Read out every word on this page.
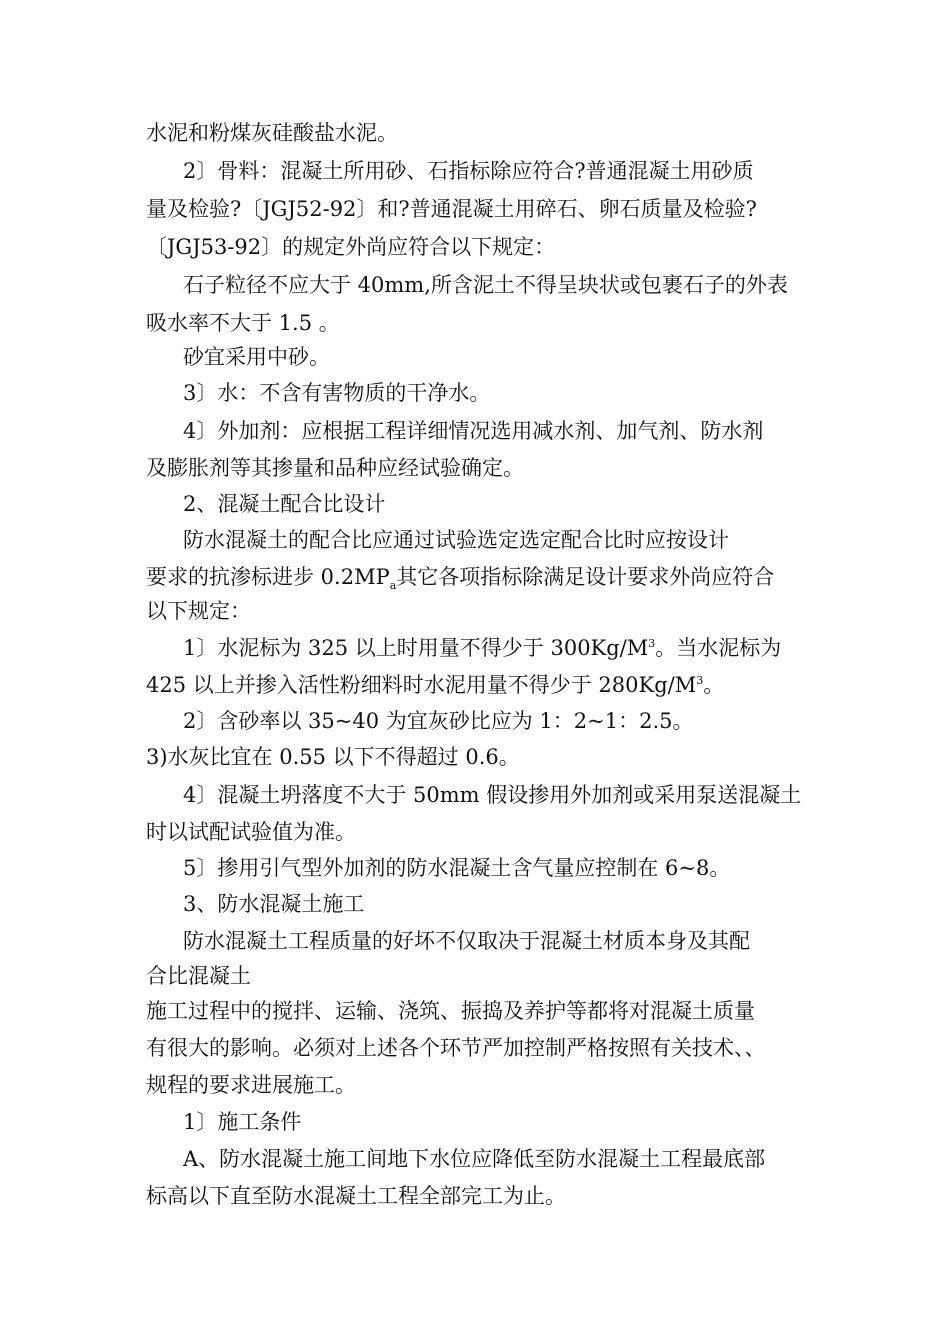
水泥和粉煤灰硅酸盐水泥。
2〕骨料：混凝土所用砂、石指标除应符合?普通混凝土用砂质
量及检验?〔JGJ52-92〕和?普通混凝土用碎石、卵石质量及检验?
〔JGJ53-92〕的规定外尚应符合以下规定：
石子粒径不应大于 40mm,所含泥土不得呈块状或包裹石子的外表
吸水率不大于 1.5 。
砂宜采用中砂。
3〕水：不含有害物质的干净水。
4〕外加剂：应根据工程详细情况选用减水剂、加气剂、防水剂
及膨胀剂等其掺量和品种应经试验确定。
2、混凝土配合比设计
防水混凝土的配合比应通过试验选定选定配合比时应按设计
要求的抗渗标进步 $0.2MP_a$其它各项指标除满足设计要求外尚应符合
以下规定：
1〕水泥标为 325 以上时用量不得少于 $300Kg/M^3$。当水泥标为
425 以上并掺入活性粉细料时水泥用量不得少于 $280Kg/M^3$。
2〕含砂率以 35~40 为宜灰砂比应为 1：2~1：2.5。
3)水灰比宜在 0.55 以下不得超过 0.6。
4〕混凝土坍落度不大于 50mm 假设掺用外加剂或采用泵送混凝土
时以试配试验值为准。
5〕掺用引气型外加剂的防水混凝土含气量应控制在 6~8。
3、防水混凝土施工
防水混凝土工程质量的好坏不仅取决于混凝土材质本身及其配
合比混凝土
施工过程中的搅拌、运输、浇筑、振捣及养护等都将对混凝土质量
有很大的影响。必须对上述各个环节严加控制严格按照有关技术、、
规程的要求进展施工。
1〕施工条件
A、防水混凝土施工间地下水位应降低至防水混凝土工程最底部
标高以下直至防水混凝土工程全部完工为止。
